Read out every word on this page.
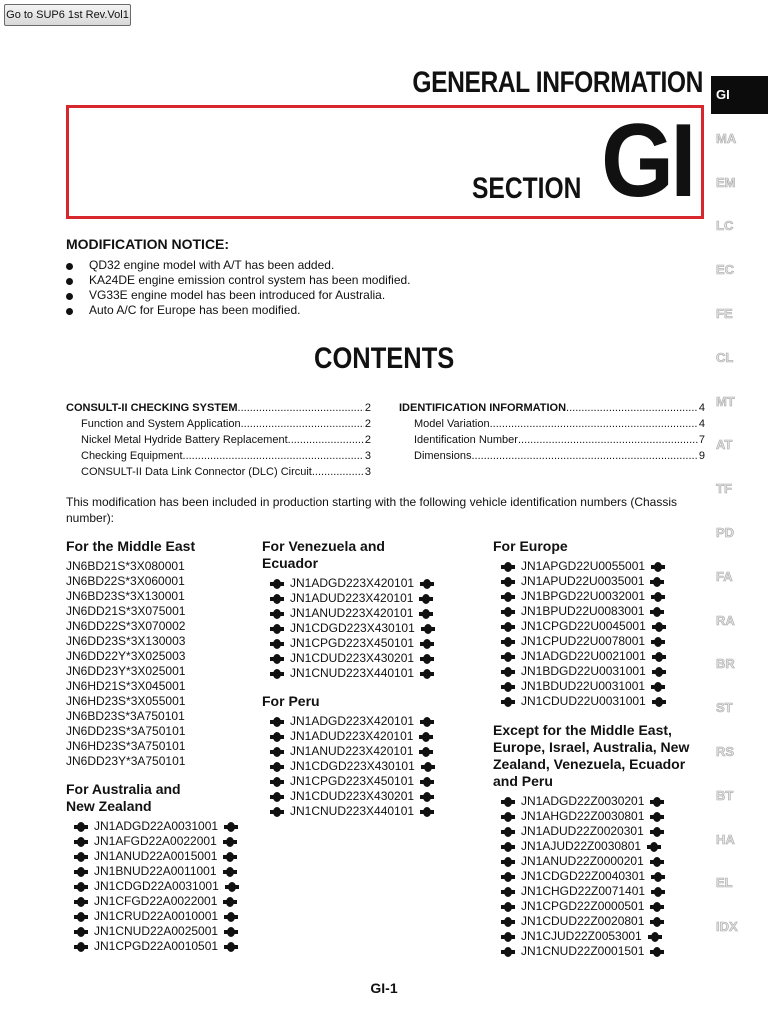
Go to SUP6 1st Rev.Vol1
GENERAL INFORMATION
SECTION GI
GI
MA
EM
LC
EC
FE
CL
MT
AT
TF
PD
FA
RA
BR
ST
RS
BT
HA
EL
IDX
MODIFICATION NOTICE:
QD32 engine model with A/T has been added.
KA24DE engine emission control system has been modified.
VG33E engine model has been introduced for Australia.
Auto A/C for Europe has been modified.
CONTENTS
CONSULT-II CHECKING SYSTEM .....	2
Function and System Application .....	2
Nickel Metal Hydride Battery Replacement .....	2
Checking Equipment .....	3
CONSULT-II Data Link Connector (DLC) Circuit .....	3
IDENTIFICATION INFORMATION .....	4
Model Variation .....	4
Identification Number .....	7
Dimensions .....	9
This modification has been included in production starting with the following vehicle identification numbers (Chassis number):
For the Middle East
JN6BD21S*3X080001
JN6BD22S*3X060001
JN6BD23S*3X130001
JN6DD21S*3X075001
JN6DD22S*3X070002
JN6DD23S*3X130003
JN6DD22Y*3X025003
JN6DD23Y*3X025001
JN6HD21S*3X045001
JN6HD23S*3X055001
JN6BD23S*3A750101
JN6DD23S*3A750101
JN6HD23S*3A750101
JN6DD23Y*3A750101
For Australia and New Zealand
JN1ADGD22A0031001
JN1AFGD22A0022001
JN1ANUD22A0015001
JN1BNUD22A0011001
JN1CDGD22A0031001
JN1CFGD22A0022001
JN1CRUD22A0010001
JN1CNUD22A0025001
JN1CPGD22A0010501
For Venezuela and Ecuador
JN1ADGD223X420101
JN1ADUD223X420101
JN1ANUD223X420101
JN1CDGD223X430101
JN1CPGD223X450101
JN1CDUD223X430201
JN1CNUD223X440101
For Peru
JN1ADGD223X420101
JN1ADUD223X420101
JN1ANUD223X420101
JN1CDGD223X430101
JN1CPGD223X450101
JN1CDUD223X430201
JN1CNUD223X440101
For Europe
JN1APGD22U0055001
JN1APUD22U0035001
JN1BPGD22U0032001
JN1BPUD22U0083001
JN1CPGD22U0045001
JN1CPUD22U0078001
JN1ADGD22U0021001
JN1BDGD22U0031001
JN1BDUD22U0031001
JN1CDUD22U0031001
Except for the Middle East, Europe, Israel, Australia, New Zealand, Venezuela, Ecuador and Peru
JN1ADGD22Z0030201
JN1AHGD22Z0030801
JN1ADUD22Z0020301
JN1AJUD22Z0030801
JN1ANUD22Z0000201
JN1CDGD22Z0040301
JN1CHGD22Z0071401
JN1CPGD22Z0000501
JN1CDUD22Z0020801
JN1CJUD22Z0053001
JN1CNUD22Z0001501
GI-1
